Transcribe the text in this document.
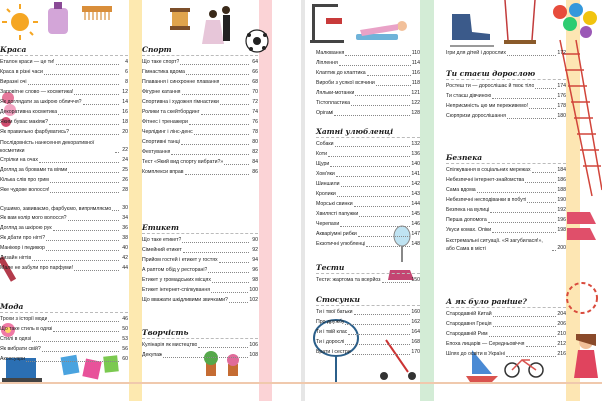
Краса
Еталон краси — це ти!	4
Краса в різні часи	6
Виразні очі	8
Заповітне слово — косметика!	12
Як доглядати за шкірою обличчя?	14
Декоративна косметика	16
Яким бувас макіяж?	18
Як правильно фарбуватись?	20
Послідовність нанесення декоративної косметики	22
Стрілки на очах	24
Догляд за бровами та віями	25
Кілька слів про грим	26
Яке чудове волосся!	28
Сушимо, завиваємо, фарбуємо, випрямляємо	30
Як вам колір мого волосся?	34
Догляд за шкірою рук	36
Як дбати про нігті?	38
Манікюр і педикюр	40
Дизайн нігтів	42
Мале не забули про парфуми!	44
Мода
Трохи з історії моди	46
Що таке стиль в одязі	50
Стилі в одязі	53
Як вибрати свій?	56
Аксесуари	60
Спорт
Що таке спорт?	64
Гімнастика вдома	66
Плавання і синхронне плавання	68
Фігурне катання	70
Спортивна і художня гімнастики	72
Ролики та скейтбординг	74
Фітнес і тренажери	76
Черлідинг і лінс-денс	78
Спортивні танці	80
Фехтування	82
Тест «Який вид спорту вибрати?»	84
Комплекси вправ	86
Етикет
Що таке етикет?	90
Сімейний етикет	92
Прийом гостей і етикет у гостях	94
А раптом обід у ресторані?	96
Етикет у громадських місцях	98
Етикет інтернет-спілкування	100
Що вважати шкідливими звичками?	102
Творчість
Кулінарія як мистецтво	106
Декупаж	108
Малювання	110
Ліплення	114
Клаптик до клаптика	116
Вироби з усякої всячини	118
Ляльки-мотанки	121
Тістопластика	122
Орігамі	128
Хатні улюбленці
Собаки	132
Коти	136
Щури	140
Хом'яки	141
Шиншили	142
Кролики	143
Морські свинки	144
Хвилясті папужки	145
Черепахи	146
Акваріумні рибки	147
Екзотичні улюбленці	148
Тести
Тести: жартома та всерйоз	150
Стосунки
Ти і твої батьки	160
Про дружбу	162
Ти і твій клас	164
Ти і дорослі	168
Брати і сестри	170
Ігри для дітей і дорослих	172
Ти стаєш дорослою
Ростеш ти — дорослішає й твоє тіло	174
Ти стаєш дівчиною	176
Неприємність цю ми переживемо!	178
Сюрпризи дорослішання	180
Безпека
Спілкування в соціальних мережах	184
Небезпечні інтернет-знайомства	186
Сама вдома	188
Небезпечні несподіванки в побуті	190
Безпека на вулиці	192
Перша допомога	196
Укуси комах. Опіки	198
Екстремальні ситуації. «Я загубилася!», або Сама в місті	200
А як було раніше?
Стародавній Китай	204
Стародавня Греція	206
Стародавній Рим	210
Епоха лицарів — Середньовіччя	212
Шлях до освіти в Україні	216
